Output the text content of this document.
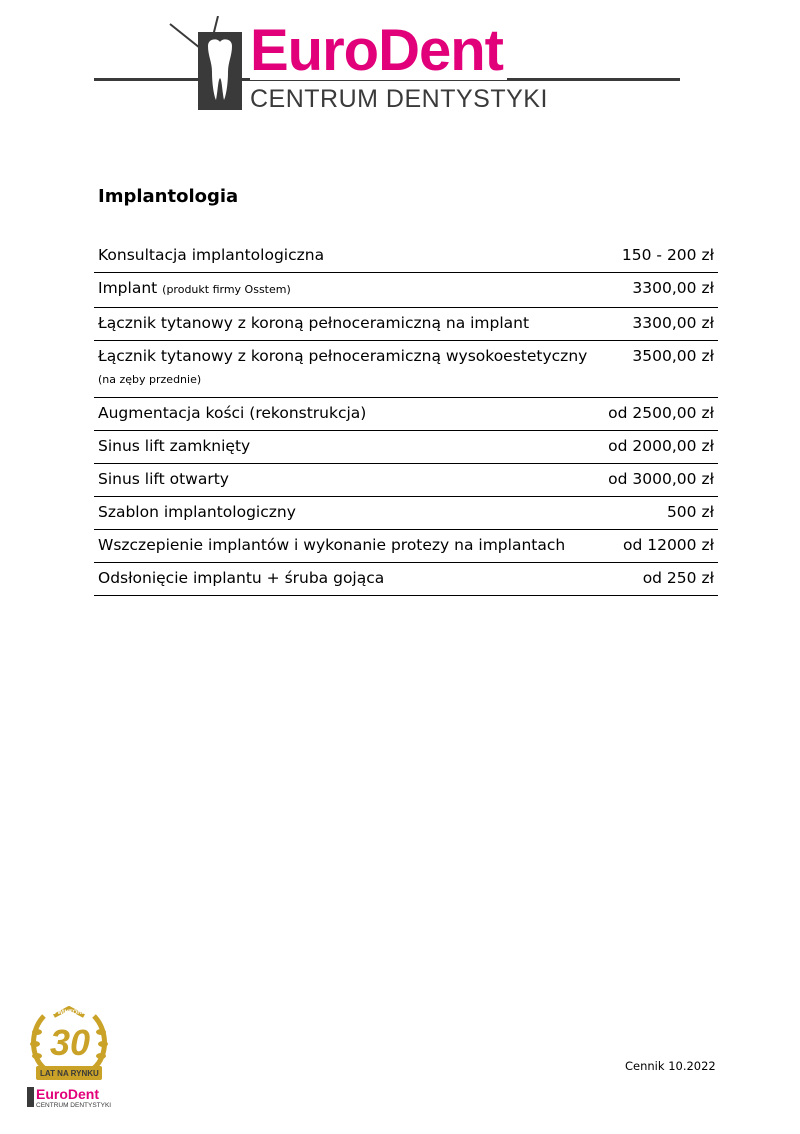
EuroDent
CENTRUM DENTYSTYKI
Implantologia
Konsultacja implantologiczna	150 - 200 zł
Implant (produkt firmy Osstem)	3300,00 zł
Łącznik tytanowy z koroną pełnoceramiczną na implant	3300,00 zł
Łącznik tytanowy z koroną pełnoceramiczną wysokoestetyczny (na zęby przednie)	3500,00 zł
Augmentacja kości (rekonstrukcja)	od 2500,00 zł
Sinus lift zamknięty	od 2000,00 zł
Sinus lift otwarty	od 3000,00 zł
Szablon implantologiczny	500 zł
Wszczepienie implantów i wykonanie protezy na implantach	od 12000 zł
Odsłonięcie implantu + śruba gojąca	od 250 zł
Z WIKTORIĄ
30
LAT NA RYNKU
EuroDent
CENTRUM DENTYSTYKI
Cennik 10.2022
